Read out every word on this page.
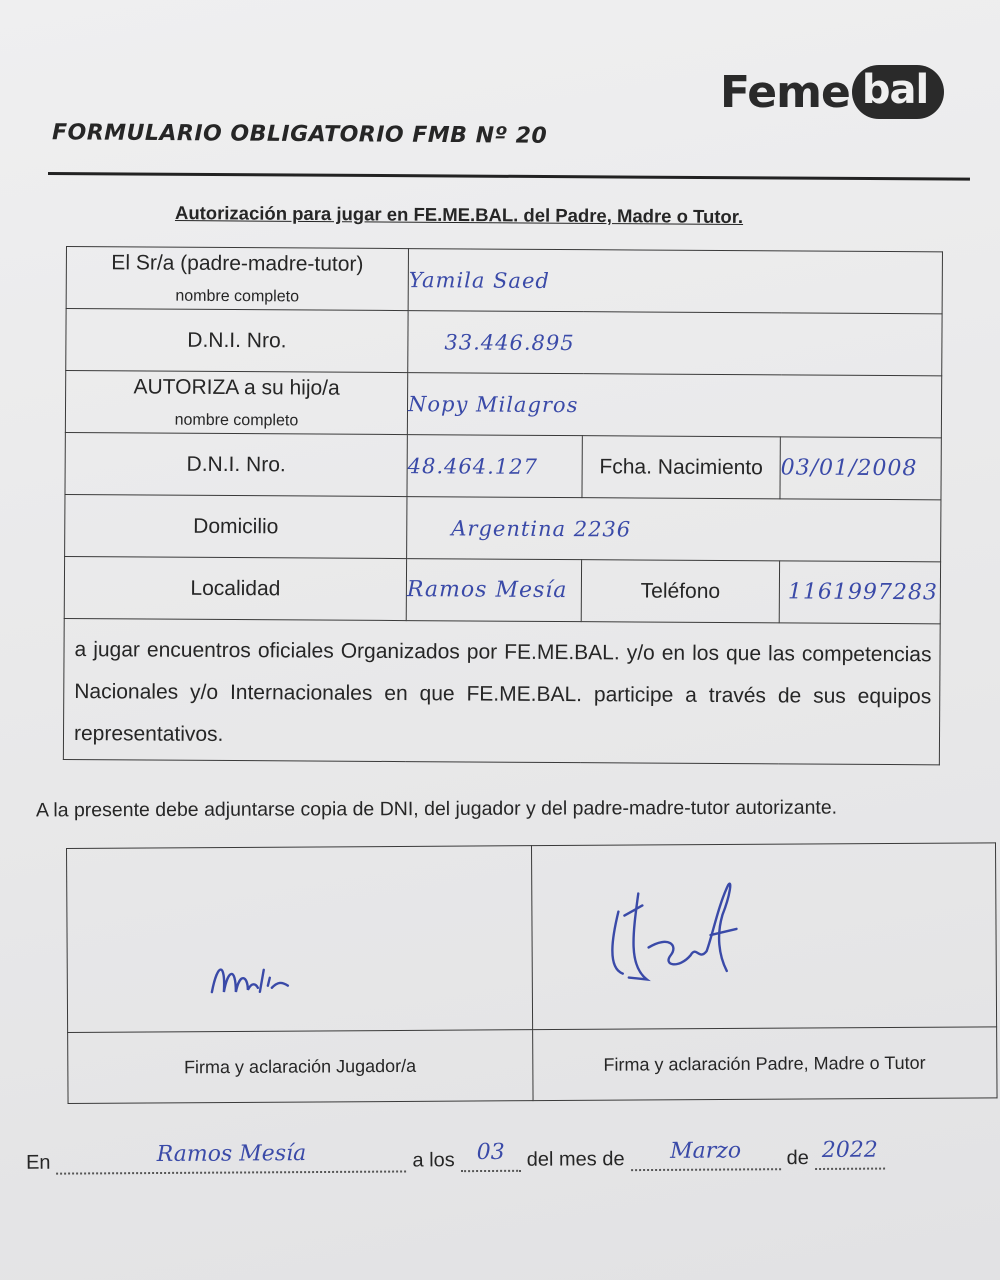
Feme bal
FORMULARIO OBLIGATORIO FMB Nº 20
Autorización para jugar en FE.ME.BAL. del Padre, Madre o Tutor.
El Sr/a (padre-madre-tutor)
nombre completo	Yamila Saed		
D.N.I. Nro.	33.446.895		

AUTORIZA a su hijo/a
nombre completo	Nopy Milagros		
D.N.I. Nro.	48.464.127	Fcha. Nacimiento	03/01/2008
Domicilio	Argentina 2236		
Localidad	Ramos Mesía	Teléfono	1161997283
a jugar encuentros oficiales Organizados por FE.ME.BAL. y/o en los que las competencias Nacionales y/o Internacionales en que FE.ME.BAL. participe a través de sus equipos representativos.			
A la presente debe adjuntarse copia de DNI, del jugador y del padre-madre-tutor autorizante.

Firma y aclaración Jugador/a	Firma y aclaración Padre, Madre o Tutor
En	Ramos Mesía	a los 03	del mes de	Marzo	de 2022
